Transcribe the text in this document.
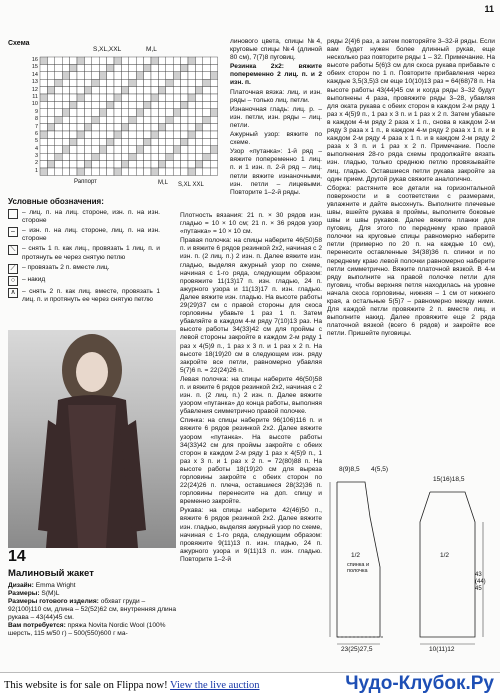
11
Схема
S,XL,XXL	M,L
16
15
14
13
12
11
10
9
8
7
6
5
4
3
2
1
Раппорт	S,XL XXL
M,L
Условные обозначения:
– лиц. п. на лиц. стороне, изн. п. на изн. стороне
–	– изн. п. на лиц. стороне, лиц. п. на изн. стороне
⟍ – снять 1 п. как лиц., провязать 1 лиц. п. и протянуть ее через снятую петлю
⟋ – провязать 2 п. вместе лиц.
○	– накид
∧ – снять 2 п. как лиц. вместе, провязать 1 лиц. п. и протянуть ее через снятую петлю

линового цвета, спицы №4, круговые спицы №4 (длиной 80 см), 7(7)8 пуговиц.

Резинка 2х2: вяжите попеременно 2 лиц. п. и 2 изн. п.

Платочная вязка: лиц. и изн. ряды – только лиц. петли.

Изнаночная гладь: лиц. р. – изн. петли, изн. ряды – лиц. петли.

Ажурный узор: вяжите по схеме.

Узор «путанка»: 1-й ряд – вяжите попеременно 1 лиц. п. и 1 изн. п. 2-й ряд – лиц. петли вяжите изнаночными, изн. петли – лицевыми. Повторите 1–2-й ряды.

Плотность вязания: 21 п. × 30 рядов изн. гладью = 10 × 10 см; 21 п. × 36 рядов узор «путанка» = 10 × 10 см.

Правая полочка: на спицы наберите 46(50)58 п. и вяжите 6 рядов резинкой 2х2, начиная с 2 изн. п. (2 лиц. п.) 2 изн. п. Далее вяжите изн. гладью, выделяя ажурный узор по схеме, начиная с 1-го ряда, следующим образом: провяжите 11(13)17 п. изн. гладью, 24 п. ажурного узора и 11(13)17 п. изн. гладью. Далее вяжите изн. гладью. На высоте работы 29(29)37 см с правой стороны для скоса горловины убавьте 1 раз 1 п. Затем убавляйте в каждом 4-м ряду 7(10)13 раз. На высоте работы 34(33)42 см для проймы с левой стороны закройте в каждом 2-м ряду 1 раз х 4(5)9 п., 1 раз х 3 п. и 1 раз х 2 п. На высоте 18(19)20 см в следующем изн. ряду закройте все петли, равномерно убавляя 5(7)6 п. = 22(24)26 п.

Левая полочка: на спицы наберите 46(50)58 п. и вяжите 6 рядов резинкой 2х2, начиная с 2 изн. п. (2 лиц. п.) 2 изн. п. Далее вяжите узором «путанка» до конца работы, выполняя убавления симметрично правой полочке.

Спинка: на спицы наберите 96(106)116 п. и вяжите 6 рядов резинкой 2х2. Далее вяжите узором «путанка». На высоте работы 34(33)42 см для проймы закройте с обеих сторон в каждом 2-м ряду 1 раз х 4(5)9 п., 1 раз х 3 п. и 1 раз х 2 п. = 72(80)88 п. На высоте работы 18(19)20 см для выреза горловины закройте с обеих сторон по 22(24)26 п. плеча, оставшиеся 28(32)36 п. горловины перенесите на доп. спицу и временно закройте.

Рукава: на спицы наберите 42(46)50 п., вяжите 6 рядов резинкой 2х2. Далее вяжите изн. гладью, выделяя ажурный узор по схеме, начиная с 1-го ряда, следующим образом: провяжите 9(11)13 п. изн. гладью, 24 п. ажурного узора и 9(11)13 п. изн. гладью. Повторите 1–2-й

ряды 2(4)6 раз, а затем повторяйте 3–32-й ряды. Если вам будет нужен более длинный рукав, еще несколько раз повторите ряды 1 – 32. Примечание. На высоте работы 5(6)3 см для скоса рукава прибавьте с обеих сторон по 1 п. Повторите прибавления через каждые 3,5(3,5)3 см еще 10(10)13 раз = 64(68)78 п. На высоте работы 43(44)45 см и когда ряды 3–32 будут выполнены 4 раза, провяжите ряды 3–28, убавляя для оката рукава с обеих сторон в каждом 2-м ряду 1 раз х 4(5)9 п., 1 раз х 3 п. и 1 раз х 2 п. Затем убавьте в каждом 4-м ряду 2 раза х 1 п., снова в каждом 2-м ряду 3 раза х 1 п., в каждом 4-м ряду 2 раза х 1 п. и в каждом 2-м ряду 4 раза х 1 п. и в каждом 2-м ряду 2 раза х 3 п. и 1 раз х 2 п. Примечание. После выполнения 28-го ряда схемы продолжайте вязать изн. гладью, только среднюю петлю провязывайте лиц. гладью. Оставшиеся петли рукава закройте за один прием. Другой рукав свяжите аналогично.

Сборка: растяните все детали на горизонтальной поверхности и в соответствии с размерами, увлажните и дайте высохнуть. Выполните плечевые швы, вшейте рукава в проймы, выполните боковые швы и швы рукавов. Далее вяжите планки для пуговиц. Для этого по переднему краю правой полочки на круговые спицы равномерно наберите петли (примерно по 20 п. на каждые 10 см), перенесите оставленные 34(38)36 п. спинки и по переднему краю левой полочки равномерно наберите петли симметрично. Вяжите платочной вязкой. В 4-м ряду выполните на правой полочке петли для пуговиц, чтобы верхняя петля находилась на уровне начала скоса горловины, нижняя – 1 см от нижнего края, а остальные 5(5)7 – равномерно между ними. Для каждой петли провяжите 2 п. вместе лиц. и выполните накид. Далее провяжите еще 2 ряда платочной вязкой (всего 6 рядов) и закройте все петли. Пришейте пуговицы.

14
Малиновый жакет
Дизайн: Emma Wright
Размеры: S(M)L
Размеры готового изделия: обхват груди – 92(100)110 см, длина – 52(52)62 см, внутренняя длина рукава – 43(44)45 см.
Вам потребуется: пряжа Novita Nordic Wool (100% шерсть, 115 м/50 г) – 500(550)600 г ма-
8(9)8,5 4(5,5)
15(16)18,5
1/2
спинка и полочка
1/2
23(25)27,5	10(11)12
43
(44)
45
This website is for sale on Flippa now! View the live auction	Чудо-Клубок.Ру
